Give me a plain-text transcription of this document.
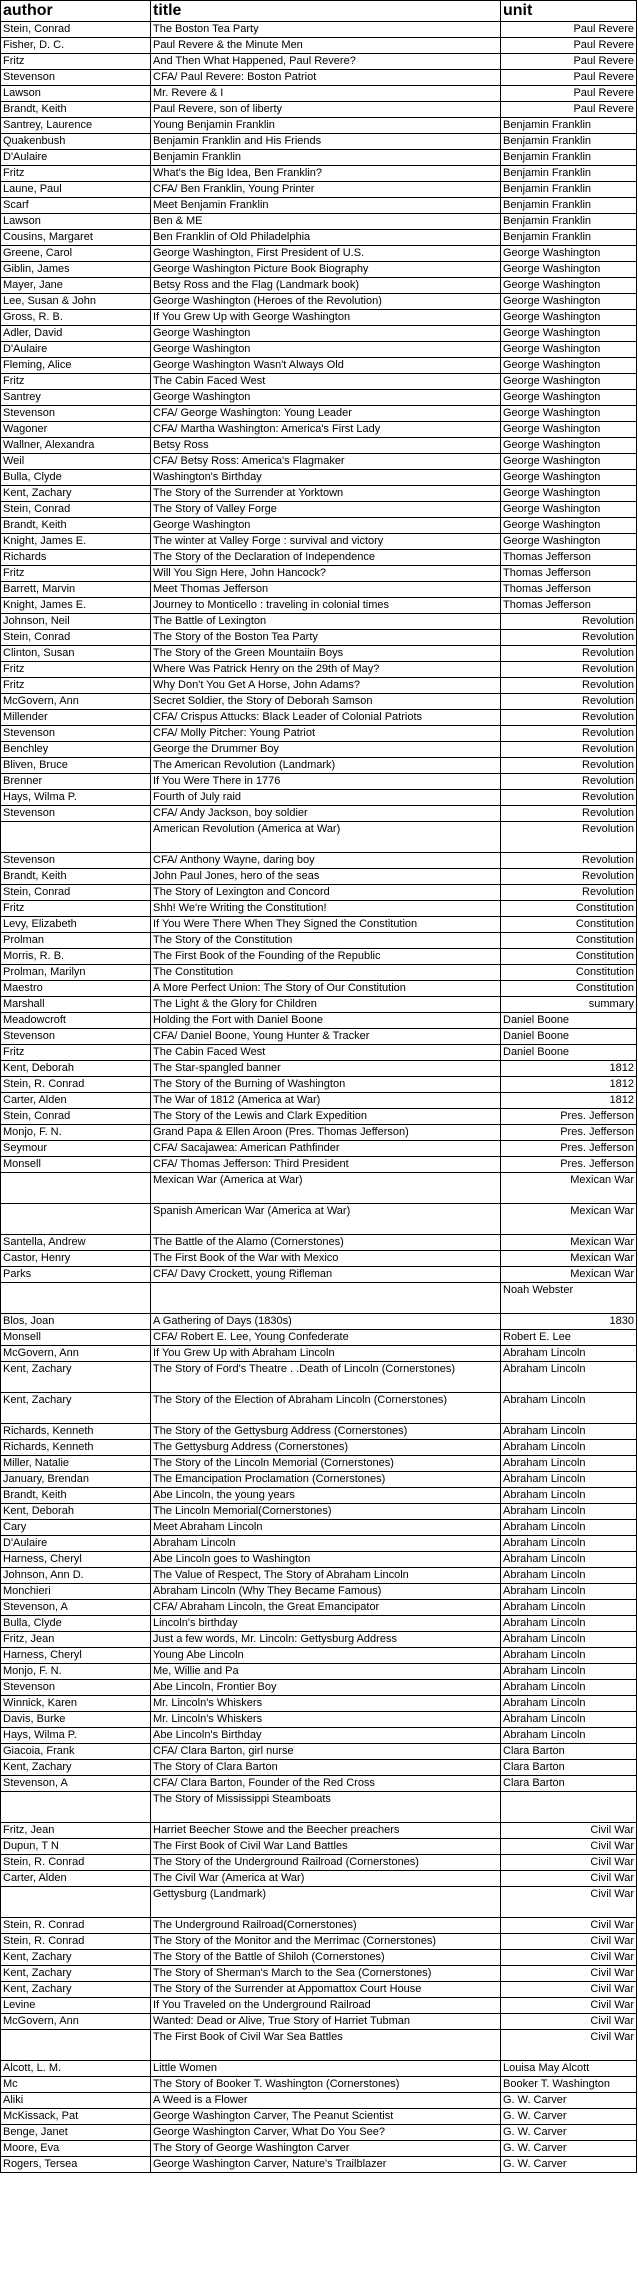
author	title	unit
Stein, Conrad	The Boston Tea Party	Paul Revere
Fisher, D. C.	Paul Revere & the Minute Men	Paul Revere
Fritz	And Then What Happened, Paul Revere?	Paul Revere
Stevenson	CFA/ Paul Revere: Boston Patriot	Paul Revere
Lawson	Mr. Revere & I	Paul Revere
Brandt, Keith	Paul Revere, son of liberty	Paul Revere
Santrey, Laurence	Young Benjamin Franklin	Benjamin Franklin
Quakenbush	Benjamin Franklin and His Friends	Benjamin Franklin
D'Aulaire	Benjamin Franklin	Benjamin Franklin
Fritz	What's the Big Idea, Ben Franklin?	Benjamin Franklin
Laune, Paul	CFA/ Ben Franklin, Young Printer	Benjamin Franklin
Scarf	Meet Benjamin Franklin	Benjamin Franklin
Lawson	Ben & ME	Benjamin Franklin
Cousins, Margaret	Ben Franklin of Old Philadelphia	Benjamin Franklin
Greene, Carol	George Washington, First President of U.S.	George Washington
Giblin, James	George Washington Picture Book Biography	George Washington
Mayer, Jane	Betsy Ross and the Flag (Landmark book)	George Washington
Lee, Susan & John	George Washington (Heroes of the Revolution)	George Washington
Gross, R. B.	If You Grew Up with George Washington	George Washington
Adler, David	George Washington	George Washington
D'Aulaire	George Washington	George Washington
Fleming, Alice	George Washington Wasn't Always Old	George Washington
Fritz	The Cabin Faced West	George Washington
Santrey	George Washington	George Washington
Stevenson	CFA/ George Washington: Young Leader	George Washington
Wagoner	CFA/ Martha Washington: America's First Lady	George Washington
Wallner, Alexandra	Betsy Ross	George Washington
Weil	CFA/ Betsy Ross: America's Flagmaker	George Washington
Bulla, Clyde	Washington's Birthday	George Washington
Kent, Zachary	The Story of the Surrender at Yorktown	George Washington
Stein, Conrad	The Story of Valley Forge	George Washington
Brandt, Keith	George Washington	George Washington
Knight, James E.	The winter at Valley Forge : survival and victory	George Washington
Richards	The Story of the Declaration of Independence	Thomas Jefferson
Fritz	Will You Sign Here, John Hancock?	Thomas Jefferson
Barrett, Marvin	Meet Thomas Jefferson	Thomas Jefferson
Knight, James E.	Journey to Monticello : traveling in colonial times	Thomas Jefferson
Johnson, Neil	The Battle of Lexington	Revolution
Stein, Conrad	The Story of the Boston Tea Party	Revolution
Clinton, Susan	The Story of the Green Mountaiin Boys	Revolution
Fritz	Where Was Patrick Henry on the 29th of May?	Revolution
Fritz	Why Don't You Get A Horse, John Adams?	Revolution
McGovern, Ann	Secret Soldier, the Story of Deborah Samson	Revolution
Millender	CFA/ Crispus Attucks: Black Leader of Colonial Patriots	Revolution
Stevenson	CFA/ Molly Pitcher: Young Patriot	Revolution
Benchley	George the Drummer Boy	Revolution
Bliven, Bruce	The American Revolution (Landmark)	Revolution
Brenner	If You Were There in 1776	Revolution
Hays, Wilma P.	Fourth of July raid	Revolution
Stevenson	CFA/ Andy Jackson, boy soldier	Revolution
	American Revolution (America at War)	Revolution
Stevenson	CFA/ Anthony Wayne, daring boy	Revolution
Brandt, Keith	John Paul Jones, hero of the seas	Revolution
Stein, Conrad	The Story of Lexington and Concord	Revolution
Fritz	Shh! We're Writing the Constitution!	Constitution
Levy, Elizabeth	If You Were There When They Signed the Constitution	Constitution
Prolman	The Story of the Constitution	Constitution
Morris, R. B.	The First Book of the Founding of the Republic	Constitution
Prolman, Marilyn	The Constitution	Constitution
Maestro	A More Perfect Union: The Story of Our Constitution	Constitution
Marshall	The Light & the Glory for Children	summary
Meadowcroft	Holding the Fort with Daniel Boone	Daniel Boone
Stevenson	CFA/ Daniel Boone, Young Hunter & Tracker	Daniel Boone
Fritz	The Cabin Faced West	Daniel Boone
Kent, Deborah	The Star-spangled banner	1812
Stein, R. Conrad	The Story of the Burning of Washington	1812
Carter, Alden	The War of 1812 (America at War)	1812
Stein, Conrad	The Story of the Lewis and Clark Expedition	Pres. Jefferson
Monjo, F. N.	Grand Papa & Ellen Aroon (Pres. Thomas Jefferson)	Pres. Jefferson
Seymour	CFA/ Sacajawea: American Pathfinder	Pres. Jefferson
Monsell	CFA/ Thomas Jefferson: Third President	Pres. Jefferson
	Mexican War (America at War)	Mexican War
	Spanish American War (America at War)	Mexican War
Santella, Andrew	The Battle of the Alamo (Cornerstones)	Mexican War
Castor, Henry	The First Book of the War with Mexico	Mexican War
Parks	CFA/ Davy Crockett, young Rifleman	Mexican War
		Noah Webster
Blos, Joan	A Gathering of Days (1830s)	1830
Monsell	CFA/ Robert E. Lee, Young Confederate	Robert E. Lee
McGovern, Ann	If You Grew Up with Abraham Lincoln	Abraham Lincoln
Kent, Zachary	The Story of Ford's Theatre . .Death of Lincoln (Cornerstones)	Abraham Lincoln
Kent, Zachary	The Story of the Election of Abraham Lincoln (Cornerstones)	Abraham Lincoln
Richards, Kenneth	The Story of the Gettysburg Address (Cornerstones)	Abraham Lincoln
Richards, Kenneth	The Gettysburg Address (Cornerstones)	Abraham Lincoln
Miller, Natalie	The Story of the Lincoln Memorial (Cornerstones)	Abraham Lincoln
January, Brendan	The Emancipation Proclamation (Cornerstones)	Abraham Lincoln
Brandt, Keith	Abe Lincoln, the young years	Abraham Lincoln
Kent, Deborah	The Lincoln Memorial(Cornerstones)	Abraham Lincoln
Cary	Meet Abraham Lincoln	Abraham Lincoln
D'Aulaire	Abraham Lincoln	Abraham Lincoln
Harness, Cheryl	Abe Lincoln goes to Washington	Abraham Lincoln
Johnson, Ann D.	The Value of Respect, The Story of Abraham Lincoln	Abraham Lincoln
Monchieri	Abraham Lincoln (Why They Became Famous)	Abraham Lincoln
Stevenson, A	CFA/ Abraham Lincoln, the Great Emancipator	Abraham Lincoln
Bulla, Clyde	Lincoln's birthday	Abraham Lincoln
Fritz, Jean	Just a few words, Mr. Lincoln: Gettysburg Address	Abraham Lincoln
Harness, Cheryl	Young Abe Lincoln	Abraham Lincoln
Monjo, F. N.	Me, Willie and Pa	Abraham Lincoln
Stevenson	Abe Lincoln, Frontier Boy	Abraham Lincoln
Winnick, Karen	Mr. Lincoln's Whiskers	Abraham Lincoln
Davis, Burke	Mr. Lincoln's Whiskers	Abraham Lincoln
Hays, Wilma P.	Abe Lincoln's Birthday	Abraham Lincoln
Giacoia, Frank	CFA/ Clara Barton, girl nurse	Clara Barton
Kent, Zachary	The Story of Clara Barton	Clara Barton
Stevenson, A	CFA/ Clara Barton, Founder of the Red Cross	Clara Barton
	The Story of Mississippi Steamboats	
Fritz, Jean	Harriet Beecher Stowe and the Beecher preachers	Civil War
Dupun, T N	The First Book of Civil War Land Battles	Civil War
Stein, R. Conrad	The Story of the Underground Railroad (Cornerstones)	Civil War
Carter, Alden	The Civil War (America at War)	Civil War
	Gettysburg (Landmark)	Civil War
Stein, R. Conrad	The Underground Railroad(Cornerstones)	Civil War
Stein, R. Conrad	The Story of the Monitor and the Merrimac (Cornerstones)	Civil War
Kent, Zachary	The Story of the Battle of Shiloh (Cornerstones)	Civil War
Kent, Zachary	The Story of Sherman's March to the Sea (Cornerstones)	Civil War
Kent, Zachary	The Story of the Surrender at Appomattox Court House	Civil War
Levine	If You Traveled on the Underground Railroad	Civil War
McGovern, Ann	Wanted: Dead or Alive, True Story of Harriet Tubman	Civil War
	The First Book of Civil War Sea Battles	Civil War
Alcott, L. M.	Little Women	Louisa May Alcott
Mc	The Story of Booker T. Washington (Cornerstones)	Booker T. Washington
Aliki	A Weed is a Flower	G. W. Carver
McKissack, Pat	George Washington Carver, The Peanut Scientist	G. W. Carver
Benge, Janet	George Washington Carver, What Do You See?	G. W. Carver
Moore, Eva	The Story of George Washington Carver	G. W. Carver
Rogers, Tersea	George Washington Carver, Nature's Trailblazer	G. W. Carver
